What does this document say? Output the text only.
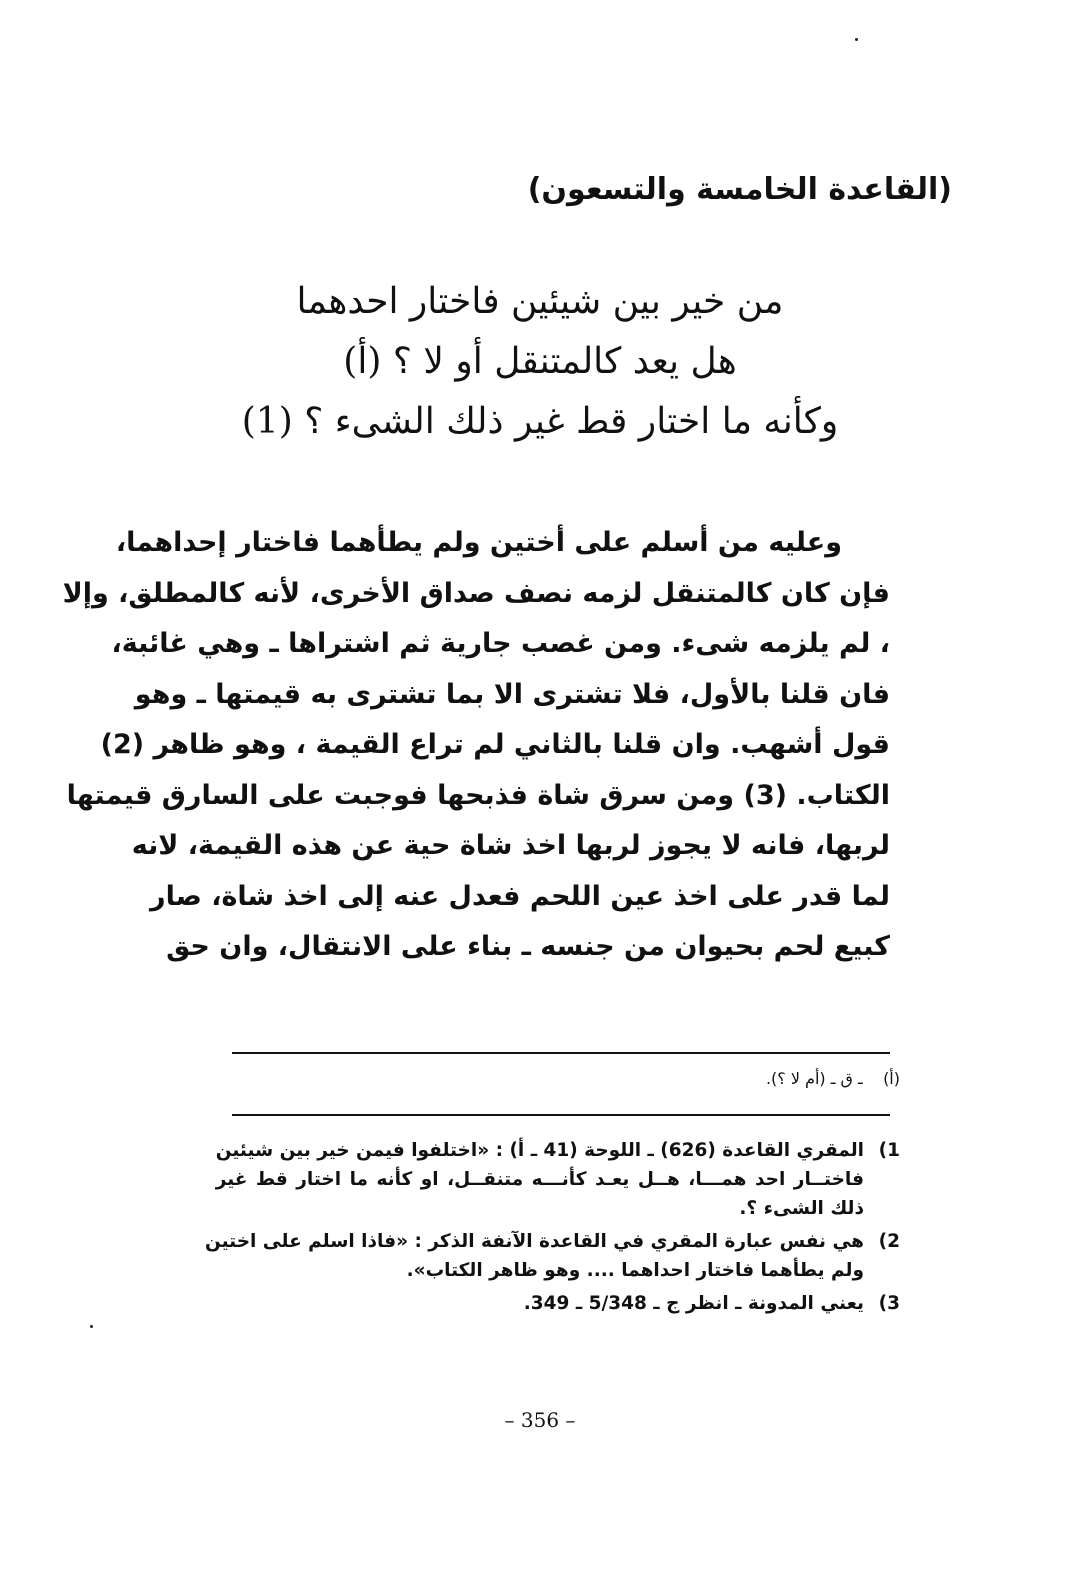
(القاعدة الخامسة والتسعون)
من خير بين شيئين فاختار احدهما
هل يعد كالمتنقل أو لا ؟ (أ)
وكأنه ما اختار قط غير ذلك الشىء ؟ (1)
وعليه من أسلم على أختين ولم يطأهما فاختار إحداهما،
فإن كان كالمتنقل لزمه نصف صداق الأخرى، لأنه كالمطلق، وإلا
، لم يلزمه شىء. ومن غصب جارية ثم اشتراها ـ وهي غائبة،
فان قلنا بالأول، فلا تشترى الا بما تشترى به قيمتها ـ وهو
قول أشهب. وان قلنا بالثاني لم تراع القيمة ، وهو ظاهر (2)
الكتاب. (3) ومن سرق شاة فذبحها فوجبت على السارق قيمتها
لربها، فانه لا يجوز لربها اخذ شاة حية عن هذه القيمة، لانه
لما قدر على اخذ عين اللحم فعدل عنه إلى اخذ شاة، صار
كبيع لحم بحيوان من جنسه ـ بناء على الانتقال، وان حق
(أ)    ـ ق ـ (أم لا ؟).
1)
المقري القاعدة (626) ـ اللوحة (41 ـ أ) : «اختلفوا فيمن خير بين شيئين
فاختــار احد همـــا، هــل يعـد كأنـــه متنقــل، او كأنه ما اختار قط غير
ذلك الشىء ؟.
2)
هي نفس عبارة المقري في القاعدة الآنفة الذكر : «فاذا اسلم على اختين
ولم يطأهما فاختار احداهما .... وهو ظاهر الكتاب».
3)
يعني المدونة ـ انظر ج ـ 5/348 ـ 349.
– 356 –
